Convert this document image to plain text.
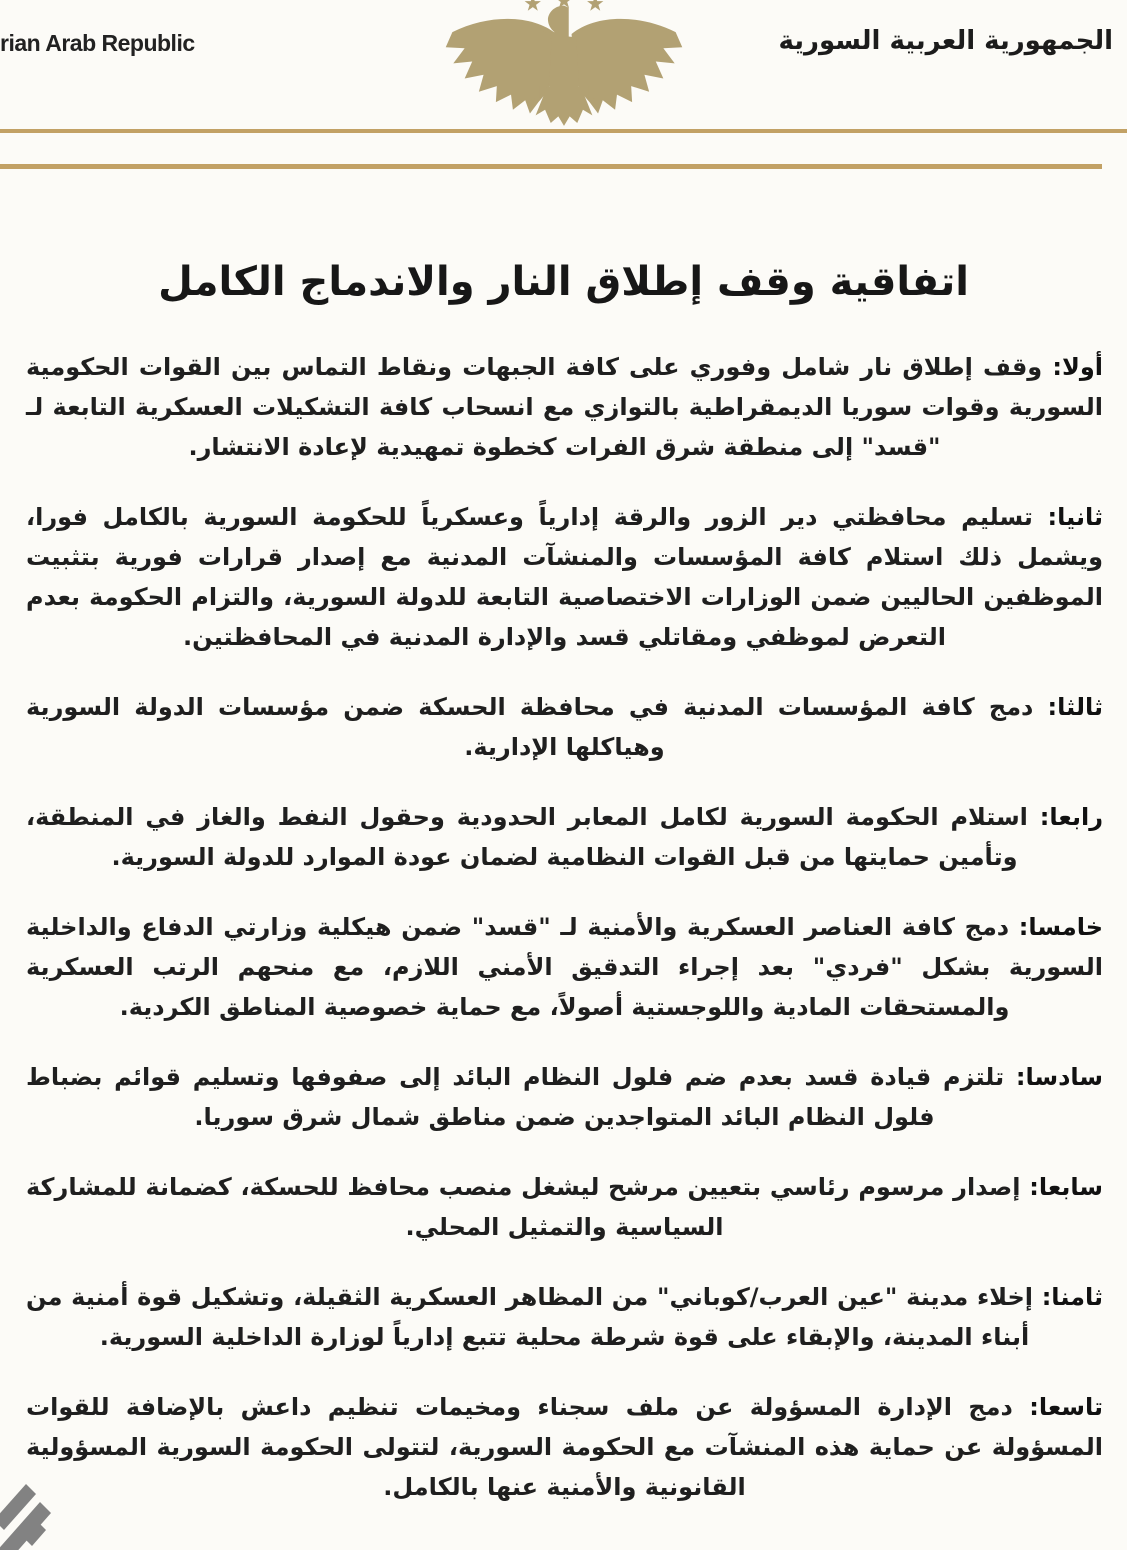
rian Arab Republic	الجمهورية العربية السورية
اتفاقية وقف إطلاق النار والاندماج الكامل

أولا: وقف إطلاق نار شامل وفوري على كافة الجبهات ونقاط التماس بين القوات الحكومية السورية وقوات سوريا الديمقراطية بالتوازي مع انسحاب كافة التشكيلات العسكرية التابعة لـ "قسد" إلى منطقة شرق الفرات كخطوة تمهيدية لإعادة الانتشار.

ثانيا: تسليم محافظتي دير الزور والرقة إدارياً وعسكرياً للحكومة السورية بالكامل فورا، ويشمل ذلك استلام كافة المؤسسات والمنشآت المدنية مع إصدار قرارات فورية بتثبيت الموظفين الحاليين ضمن الوزارات الاختصاصية التابعة للدولة السورية، والتزام الحكومة بعدم التعرض لموظفي ومقاتلي قسد والإدارة المدنية في المحافظتين.

ثالثا: دمج كافة المؤسسات المدنية في محافظة الحسكة ضمن مؤسسات الدولة السورية وهياكلها الإدارية.

رابعا: استلام الحكومة السورية لكامل المعابر الحدودية وحقول النفط والغاز في المنطقة، وتأمين حمايتها من قبل القوات النظامية لضمان عودة الموارد للدولة السورية.

خامسا: دمج كافة العناصر العسكرية والأمنية لـ "قسد" ضمن هيكلية وزارتي الدفاع والداخلية السورية بشكل "فردي" بعد إجراء التدقيق الأمني اللازم، مع منحهم الرتب العسكرية والمستحقات المادية واللوجستية أصولاً، مع حماية خصوصية المناطق الكردية.

سادسا: تلتزم قيادة قسد بعدم ضم فلول النظام البائد إلى صفوفها وتسليم قوائم بضباط فلول النظام البائد المتواجدين ضمن مناطق شمال شرق سوريا.

سابعا: إصدار مرسوم رئاسي بتعيين مرشح ليشغل منصب محافظ للحسكة، كضمانة للمشاركة السياسية والتمثيل المحلي.

ثامنا: إخلاء مدينة "عين العرب/كوباني" من المظاهر العسكرية الثقيلة، وتشكيل قوة أمنية من أبناء المدينة، والإبقاء على قوة شرطة محلية تتبع إدارياً لوزارة الداخلية السورية.

تاسعا: دمج الإدارة المسؤولة عن ملف سجناء ومخيمات تنظيم داعش بالإضافة للقوات المسؤولة عن حماية هذه المنشآت مع الحكومة السورية، لتتولى الحكومة السورية المسؤولية القانونية والأمنية عنها بالكامل.
